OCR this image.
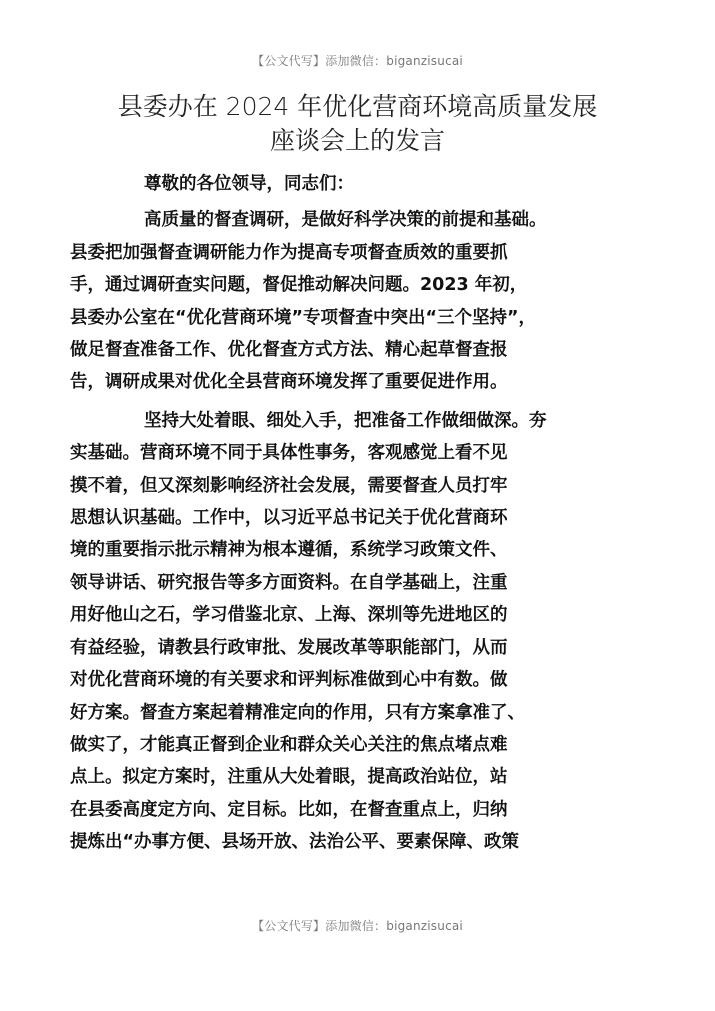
【公文代写】添加微信：biganzisucai
县委办在 2024 年优化营商环境高质量发展
座谈会上的发言

尊敬的各位领导，同志们：

高质量的督查调研，是做好科学决策的前提和基础。
县委把加强督查调研能力作为提高专项督查质效的重要抓
手，通过调研查实问题，督促推动解决问题。2023 年初，
县委办公室在“优化营商环境”专项督查中突出“三个坚持”，
做足督查准备工作、优化督查方式方法、精心起草督查报
告，调研成果对优化全县营商环境发挥了重要促进作用。

坚持大处着眼、细处入手，把准备工作做细做深。夯
实基础。营商环境不同于具体性事务，客观感觉上看不见
摸不着，但又深刻影响经济社会发展，需要督查人员打牢
思想认识基础。工作中，以习近平总书记关于优化营商环
境的重要指示批示精神为根本遵循，系统学习政策文件、
领导讲话、研究报告等多方面资料。在自学基础上，注重
用好他山之石，学习借鉴北京、上海、深圳等先进地区的
有益经验，请教县行政审批、发展改革等职能部门，从而
对优化营商环境的有关要求和评判标准做到心中有数。做
好方案。督查方案起着精准定向的作用，只有方案拿准了、
做实了，才能真正督到企业和群众关心关注的焦点堵点难
点上。拟定方案时，注重从大处着眼，提高政治站位，站
在县委高度定方向、定目标。比如，在督查重点上，归纳
提炼出“办事方便、县场开放、法治公平、要素保障、政策

【公文代写】添加微信：biganzisucai
